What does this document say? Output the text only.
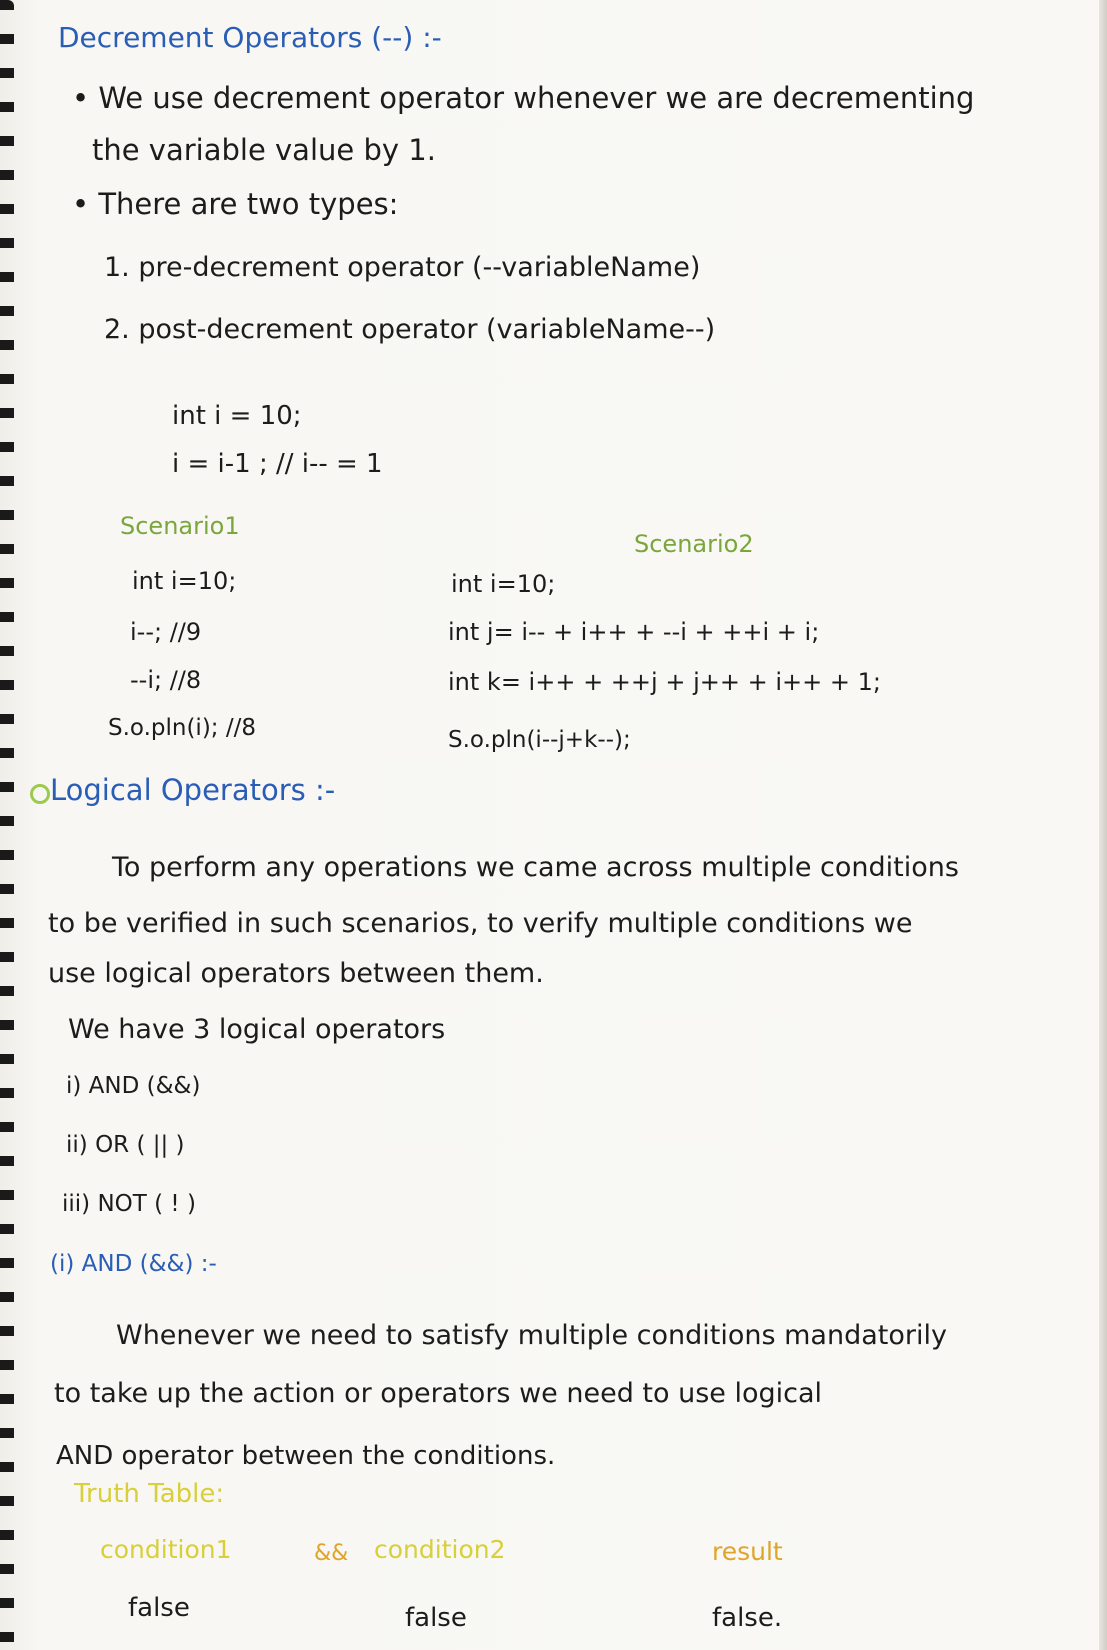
Decrement Operators (--) :-
• We use decrement operator whenever we are decrementing
the variable value by 1.
• There are two types:
1. pre-decrement operator (--variableName)
2. post-decrement operator (variableName--)
int i = 10;
i = i-1 ; // i-- = 1
Scenario1
int i=10;
i--; //9
--i; //8
S.o.pln(i); //8
Scenario2
int i=10;
int j= i-- + i++ + --i + ++i + i;
int k= i++ + ++j + j++ + i++ + 1;
S.o.pln(i--j+k--);
Logical Operators :-
To perform any operations we came across multiple conditions
to be verified in such scenarios, to verify multiple conditions we
use logical operators between them.
We have 3 logical operators
i) AND (&&)
ii) OR ( || )
iii) NOT ( ! )
(i) AND (&&) :-
Whenever we need to satisfy multiple conditions mandatorily
to take up the action or operators we need to use logical
AND operator between the conditions.
Truth Table:
condition1	&& condition2	result
false	false	false.
